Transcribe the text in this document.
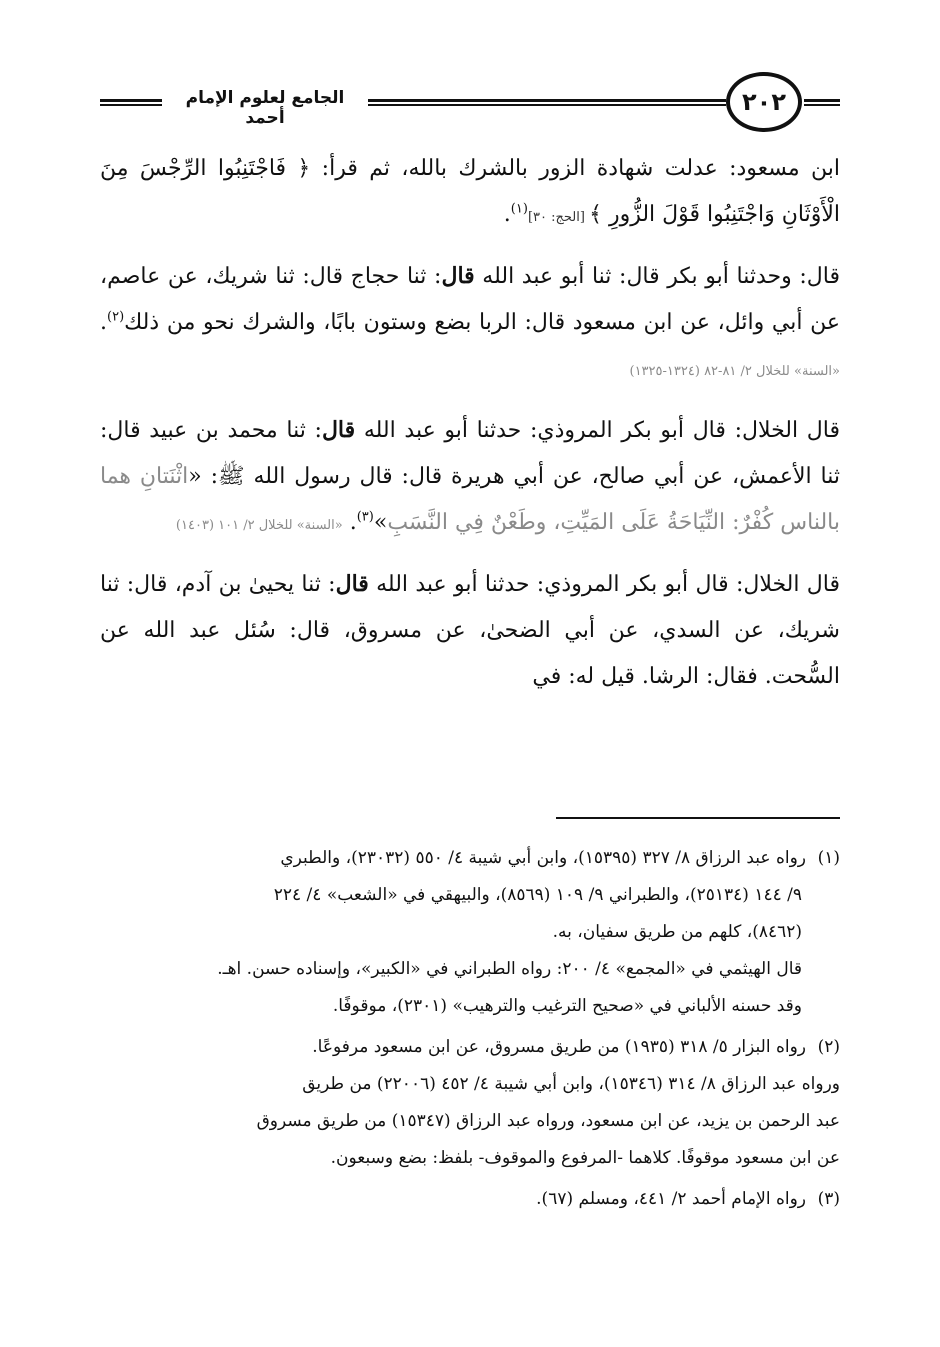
الجامع لعلوم الإمام أحمد
٢٠٢

ابن مسعود: عدلت شهادة الزور بالشرك بالله، ثم قرأ: ﴿ فَاجْتَنِبُوا الرِّجْسَ مِنَ الْأَوْثَانِ وَاجْتَنِبُوا قَوْلَ الزُّورِ ﴾ [الحج: ٣٠]$^{(١)}$.

قال: وحدثنا أبو بكر قال: ثنا أبو عبد الله قال: ثنا حجاج قال: ثنا شريك، عن عاصم، عن أبي وائل، عن ابن مسعود قال: الربا بضع وستون بابًا، والشرك نحو من ذلك$^{(٢)}$. «السنة» للخلال ٢/ ٨١-٨٢ (١٣٢٤-١٣٢٥)

قال الخلال: قال أبو بكر المروذي: حدثنا أبو عبد الله قال: ثنا محمد بن عبيد قال: ثنا الأعمش، عن أبي صالح، عن أبي هريرة قال: قال رسول الله ﷺ: «اثْنَتانِ هما بالناس كُفْرٌ: النِّيَاحَةُ عَلَى المَيِّتِ، وطَعْنٌ فِي النَّسَبِ»$^{(٣)}$. «السنة» للخلال ٢/ ١٠١ (١٤٠٣)

قال الخلال: قال أبو بكر المروذي: حدثنا أبو عبد الله قال: ثنا يحيىٰ بن آدم، قال: ثنا شريك، عن السدي، عن أبي الضحىٰ، عن مسروق، قال: سُئل عبد الله عن السُّحت. فقال: الرشا. قيل له: في

(١)رواه عبد الرزاق ٨/ ٣٢٧ (١٥٣٩٥)، وابن أبي شيبة ٤/ ٥٥٠ (٢٣٠٣٢)، والطبري
٩/ ١٤٤ (٢٥١٣٤)، والطبراني ٩/ ١٠٩ (٨٥٦٩)، والبيهقي في «الشعب» ٤/ ٢٢٤
(٨٤٦٢)، كلهم من طريق سفيان، به.
قال الهيثمي في «المجمع» ٤/ ٢٠٠: رواه الطبراني في «الكبير»، وإسناده حسن. اهـ.
وقد حسنه الألباني في «صحيح الترغيب والترهيب» (٢٣٠١)، موقوفًا.
(٢)رواه البزار ٥/ ٣١٨ (١٩٣٥) من طريق مسروق، عن ابن مسعود مرفوعًا.
ورواه عبد الرزاق ٨/ ٣١٤ (١٥٣٤٦)، وابن أبي شيبة ٤/ ٤٥٢ (٢٢٠٠٦) من طريق
عبد الرحمن بن يزيد، عن ابن مسعود، ورواه عبد الرزاق (١٥٣٤٧) من طريق مسروق
عن ابن مسعود موقوفًا. كلاهما -المرفوع والموقوف- بلفظ: بضع وسبعون.
(٣)رواه الإمام أحمد ٢/ ٤٤١، ومسلم (٦٧).
